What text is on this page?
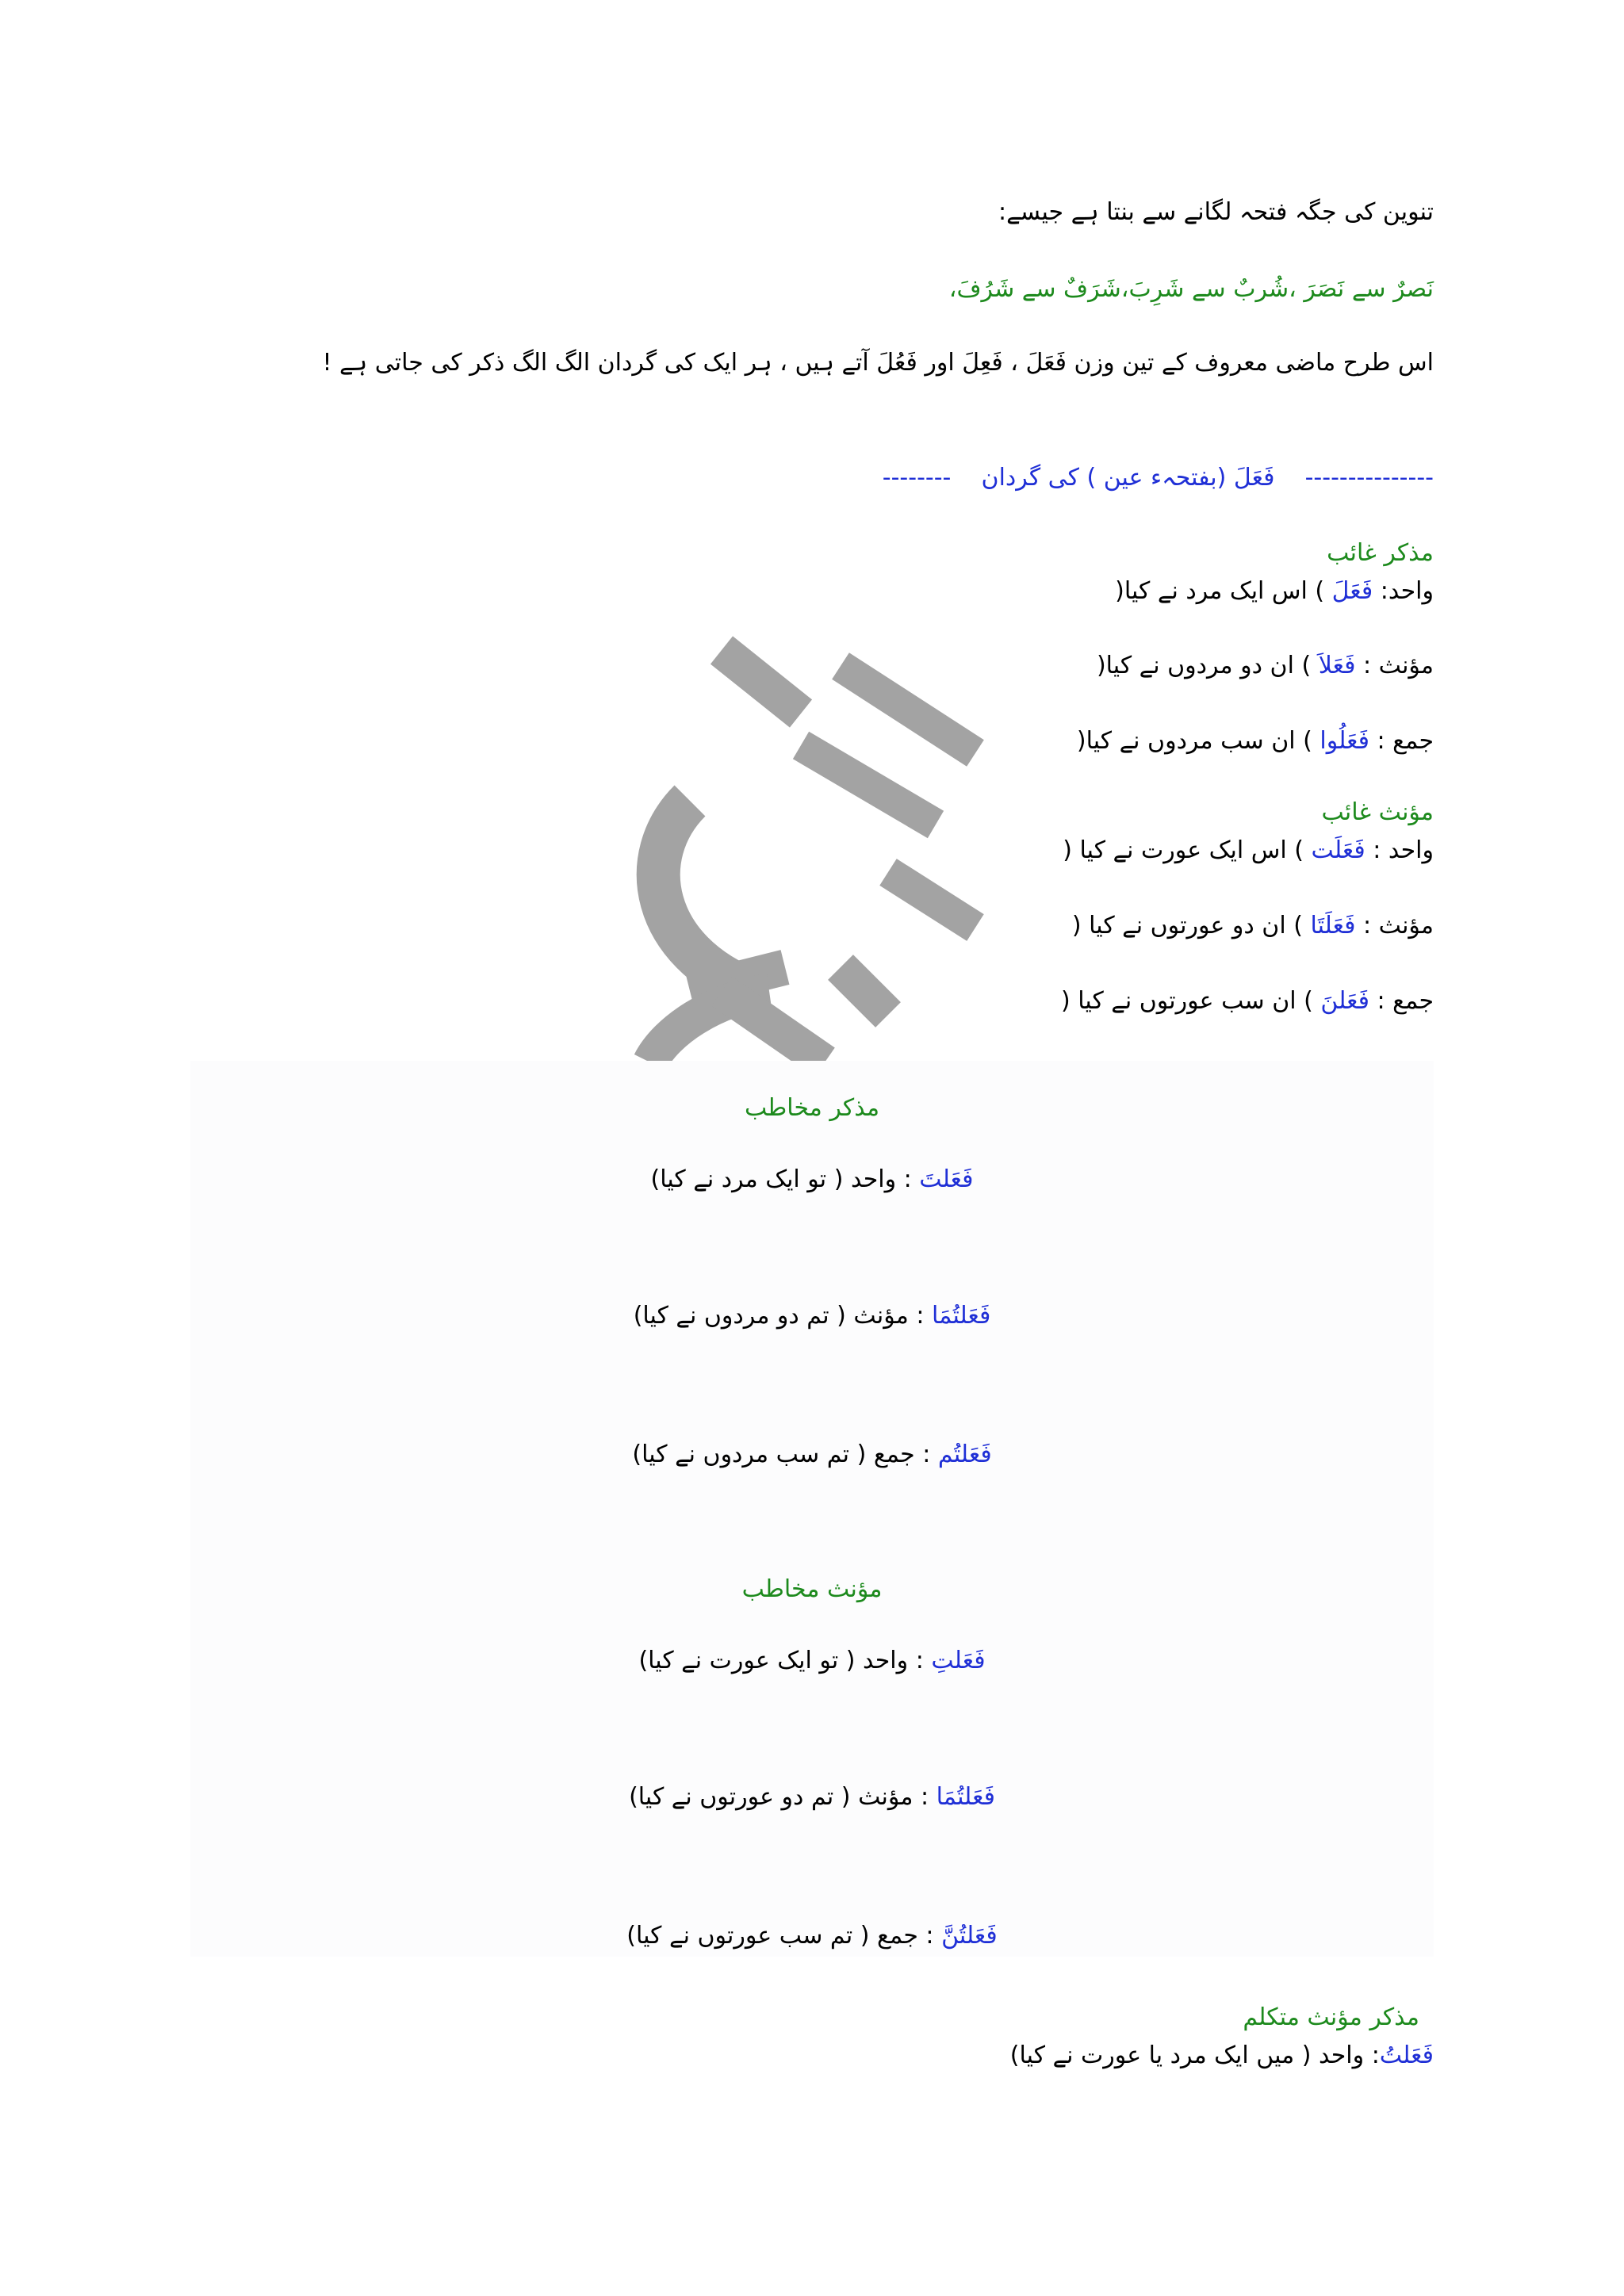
تنوین کی جگہ فتحہ لگانے سے بنتا ہے جیسے:
نَصرٌ سے نَصَرَ ،شُربٌ سے شَرِبَ،شَرَفٌ سے شَرُفَ،
اس طرح ماضی معروف کے تین وزن فَعَلَ ، فَعِلَ اور فَعُلَ آتے ہیں ، ہر ایک کی گردان الگ الگ ذکر کی جاتی ہے !
---------------    فَعَلَ (بفتحہء عین ) کی گردان    --------
مذکر غائب
واحد: فَعَلَ ) اس ایک مرد نے کیا(
مؤنث : فَعَلاَ ) ان دو مردوں نے کیا(
جمع : فَعَلُوا ) ان سب مردوں نے کیا(
مؤنث غائب
واحد : فَعَلَت ) اس ایک عورت نے کیا (
مؤنث : فَعَلَتَا ) ان دو عورتوں نے کیا (
جمع : فَعَلنَ ) ان سب عورتوں نے کیا (
مذکر مخاطب
(تو ایک مرد نے کیا )	فَعَلتَ : واحد
(تم دو مردوں نے کیا )	فَعَلتُمَا : مؤنث
(تم سب مردوں نے کیا )	فَعَلتُم : جمع
مؤنث مخاطب
(تو ایک عورت نے کیا )	فَعَلتِ : واحد
(تم دو عورتوں نے کیا )	فَعَلتُمَا : مؤنث
(تم سب عورتوں نے کیا )	فَعَلتُنَّ : جمع
مذکر مؤنث متکلم
(میں ایک مرد یا عورت نے کیا )	فَعَلتُ: واحد
